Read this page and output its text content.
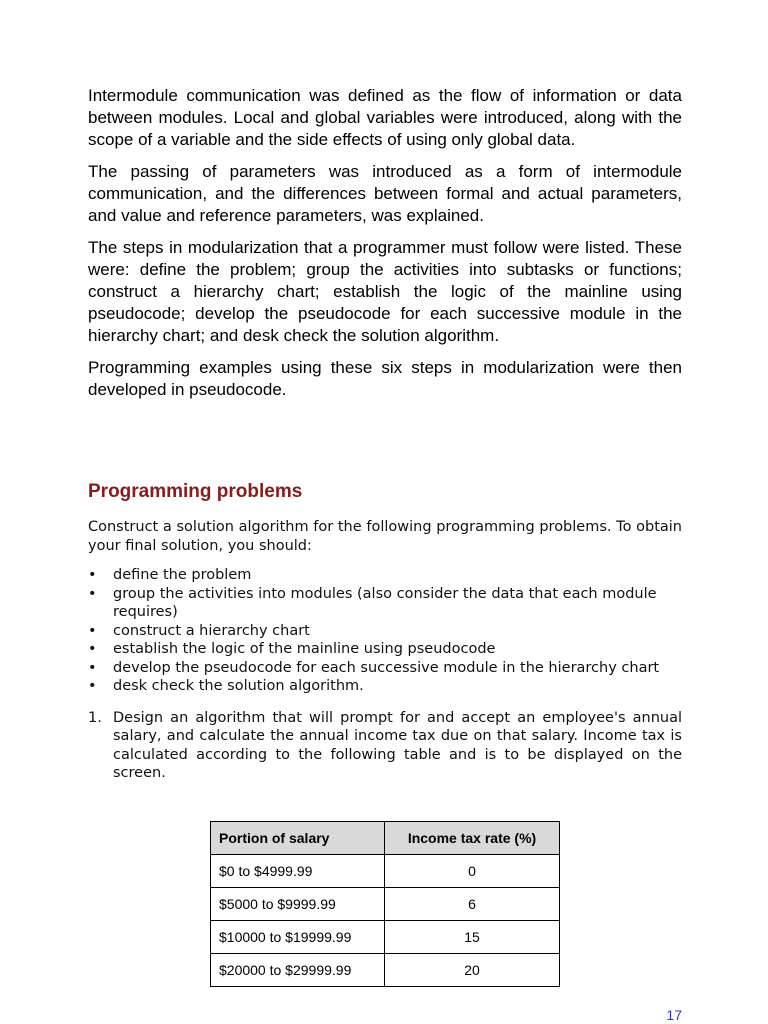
Intermodule communication was defined as the flow of information or data between modules. Local and global variables were introduced, along with the scope of a variable and the side effects of using only global data.

The passing of parameters was introduced as a form of intermodule communication, and the differences between formal and actual parameters, and value and reference parameters, was explained.

The steps in modularization that a programmer must follow were listed. These were: define the problem; group the activities into subtasks or functions; construct a hierarchy chart; establish the logic of the mainline using pseudocode; develop the pseudocode for each successive module in the hierarchy chart; and desk check the solution algorithm.

Programming examples using these six steps in modularization were then developed in pseudocode.

Programming problems

Construct a solution algorithm for the following programming problems. To obtain your final solution, you should:

• define the problem
• group the activities into modules (also consider the data that each module requires)
• construct a hierarchy chart
• establish the logic of the mainline using pseudocode
• develop the pseudocode for each successive module in the hierarchy chart
• desk check the solution algorithm.
1. Design an algorithm that will prompt for and accept an employee's annual salary, and calculate the annual income tax due on that salary. Income tax is calculated according to the following table and is to be displayed on the screen.
Portion of salary	Income tax rate (%)
$0 to $4999.99	0
$5000 to $9999.99	6
$10000 to $19999.99	15
$20000 to $29999.99	20
17
